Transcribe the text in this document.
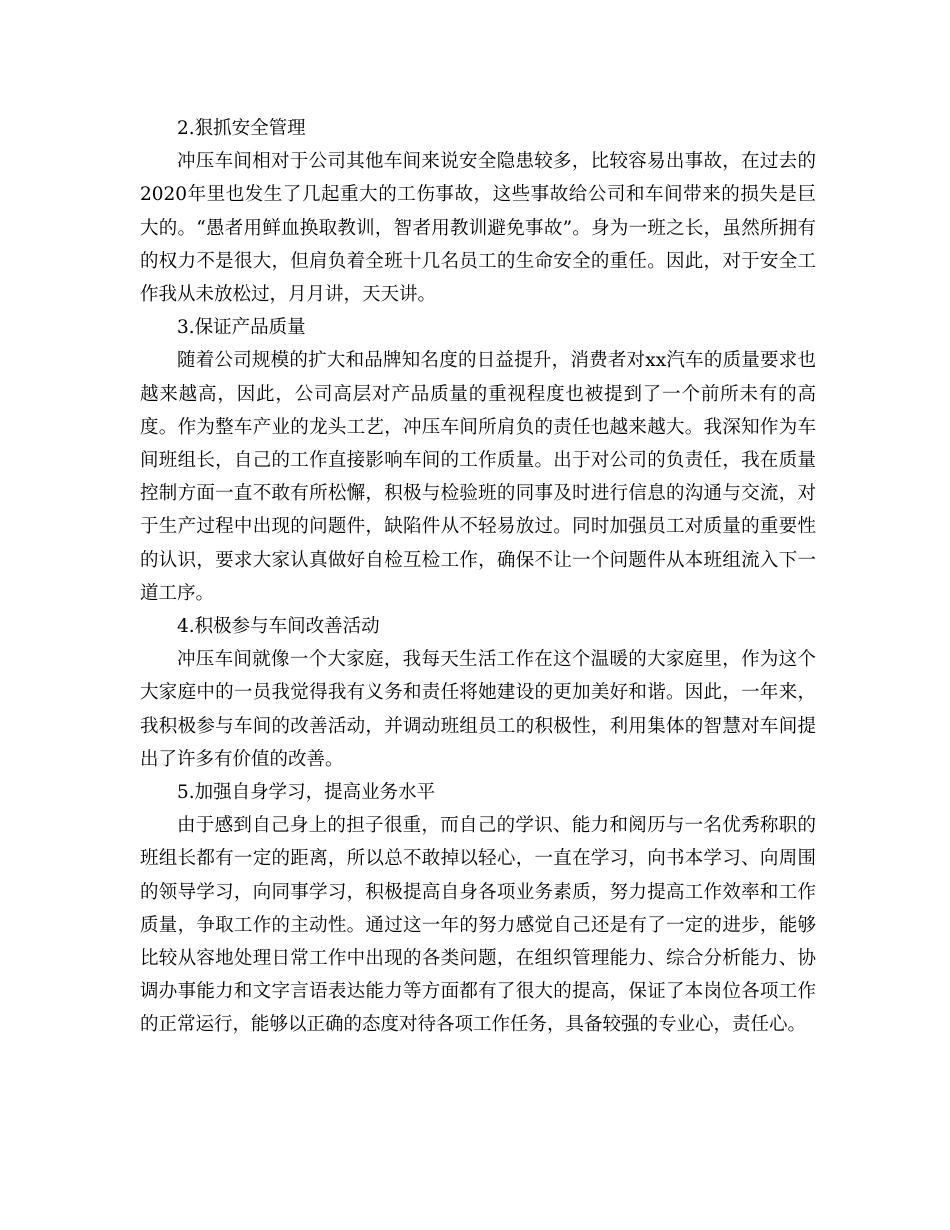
2.狠抓安全管理

冲压车间相对于公司其他车间来说安全隐患较多，比较容易出事故，在过去的2020年里也发生了几起重大的工伤事故，这些事故给公司和车间带来的损失是巨大的。“愚者用鲜血换取教训，智者用教训避免事故”。身为一班之长，虽然所拥有的权力不是很大，但肩负着全班十几名员工的生命安全的重任。因此，对于安全工作我从未放松过，月月讲，天天讲。

3.保证产品质量

随着公司规模的扩大和品牌知名度的日益提升，消费者对xx汽车的质量要求也越来越高，因此，公司高层对产品质量的重视程度也被提到了一个前所未有的高度。作为整车产业的龙头工艺，冲压车间所肩负的责任也越来越大。我深知作为车间班组长，自己的工作直接影响车间的工作质量。出于对公司的负责任，我在质量控制方面一直不敢有所松懈，积极与检验班的同事及时进行信息的沟通与交流，对于生产过程中出现的问题件，缺陷件从不轻易放过。同时加强员工对质量的重要性的认识，要求大家认真做好自检互检工作，确保不让一个问题件从本班组流入下一道工序。

4.积极参与车间改善活动

冲压车间就像一个大家庭，我每天生活工作在这个温暖的大家庭里，作为这个大家庭中的一员我觉得我有义务和责任将她建设的更加美好和谐。因此，一年来，我积极参与车间的改善活动，并调动班组员工的积极性，利用集体的智慧对车间提出了许多有价值的改善。

5.加强自身学习，提高业务水平

由于感到自己身上的担子很重，而自己的学识、能力和阅历与一名优秀称职的班组长都有一定的距离，所以总不敢掉以轻心，一直在学习，向书本学习、向周围的领导学习，向同事学习，积极提高自身各项业务素质，努力提高工作效率和工作质量，争取工作的主动性。通过这一年的努力感觉自己还是有了一定的进步，能够比较从容地处理日常工作中出现的各类问题，在组织管理能力、综合分析能力、协调办事能力和文字言语表达能力等方面都有了很大的提高，保证了本岗位各项工作的正常运行，能够以正确的态度对待各项工作任务，具备较强的专业心，责任心。
